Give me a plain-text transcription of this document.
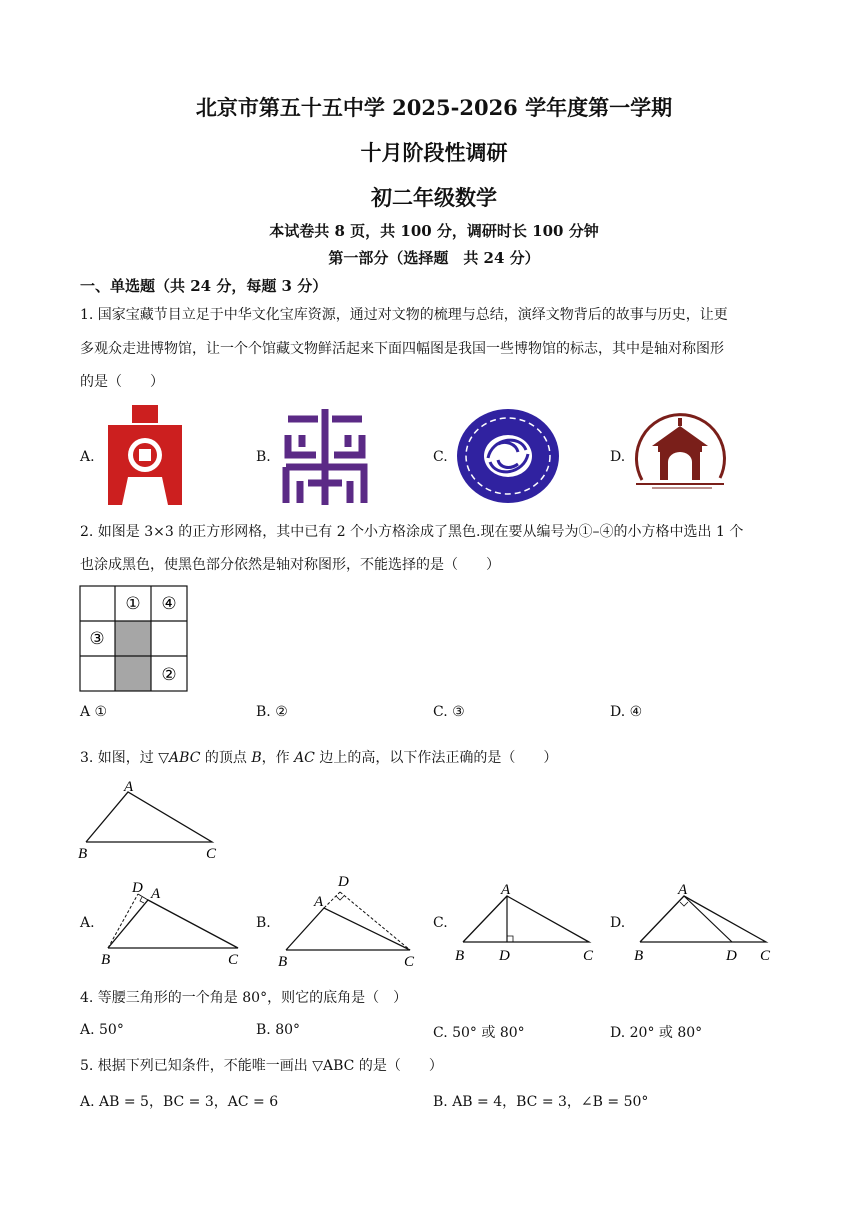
北京市第五十五中学 2025-2026 学年度第一学期
十月阶段性调研
初二年级数学
本试卷共 8 页，共 100 分，调研时长 100 分钟
第一部分（选择题　共 24 分）
一、单选题（共 24 分，每题 3 分）
1. 国家宝藏节目立足于中华文化宝库资源，通过对文物的梳理与总结，演绎文物背后的故事与历史，让更
多观众走进博物馆，让一个个馆藏文物鲜活起来下面四幅图是我国一些博物馆的标志，其中是轴对称图形
的是（　　）
A.	B.	C.	D.
2. 如图是 3×3 的正方形网格，其中已有 2 个小方格涂成了黑色.现在要从编号为①–④的小方格中选出 1 个
也涂成黑色，使黑色部分依然是轴对称图形，不能选择的是（　　）
① ④
③
②
A ①	B. ②	C. ③	D. ④
3. 如图，过 ▽ABC 的顶点 B，作 AC 边上的高，以下作法正确的是（　　）
A
B	C
A.	B.	C.	D.
D A
B	C
D
A
B	C
A
B D	C
A
B	D C
4. 等腰三角形的一个角是 80°，则它的底角是（　）
A. 50°	B. 80°	C. 50° 或 80°	D. 20° 或 80°
5. 根据下列已知条件，不能唯一画出 ▽ABC 的是（　　）
A. AB = 5，BC = 3，AC = 6	B. AB = 4，BC = 3，∠B = 50°
